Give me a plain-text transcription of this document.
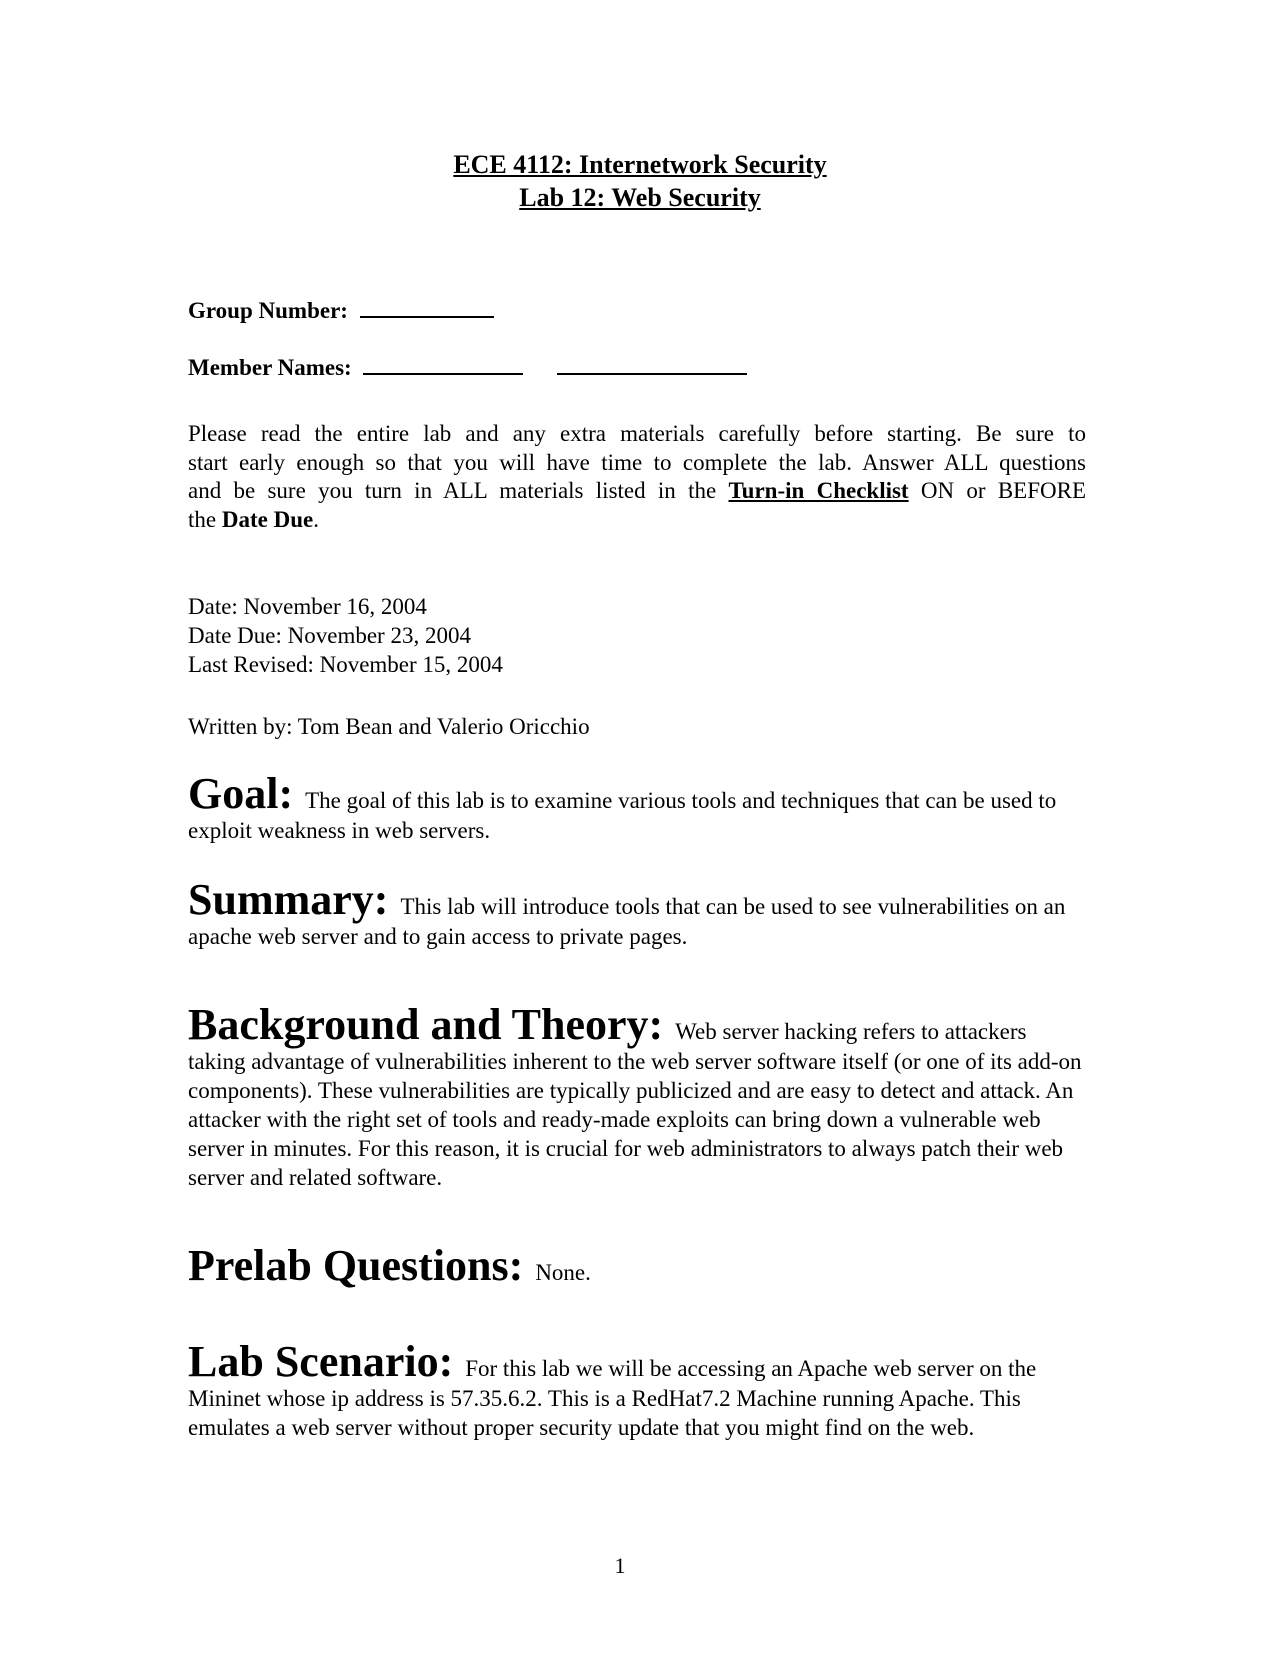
ECE 4112: Internetwork Security
Lab 12: Web Security
Group Number:
Member Names:
Please read the entire lab and any extra materials carefully before starting. Be sure to
start early enough so that you will have time to complete the lab. Answer ALL questions
and be sure you turn in ALL materials listed in the Turn-in Checklist ON or BEFORE
the Date Due.
Date: November 16, 2004
Date Due: November 23, 2004
Last Revised: November 15, 2004
Written by: Tom Bean and Valerio Oricchio
Goal: The goal of this lab is to examine various tools and techniques that can be used to exploit weakness in web servers.
Summary: This lab will introduce tools that can be used to see vulnerabilities on an apache web server and to gain access to private pages.
Background and Theory: Web server hacking refers to attackers taking advantage of vulnerabilities inherent to the web server software itself (or one of its add-on components). These vulnerabilities are typically publicized and are easy to detect and attack. An attacker with the right set of tools and ready-made exploits can bring down a vulnerable web server in minutes. For this reason, it is crucial for web administrators to always patch their web server and related software.
Prelab Questions: None.
Lab Scenario: For this lab we will be accessing an Apache web server on the Mininet whose ip address is 57.35.6.2. This is a RedHat7.2 Machine running Apache. This emulates a web server without proper security update that you might find on the web.
1
